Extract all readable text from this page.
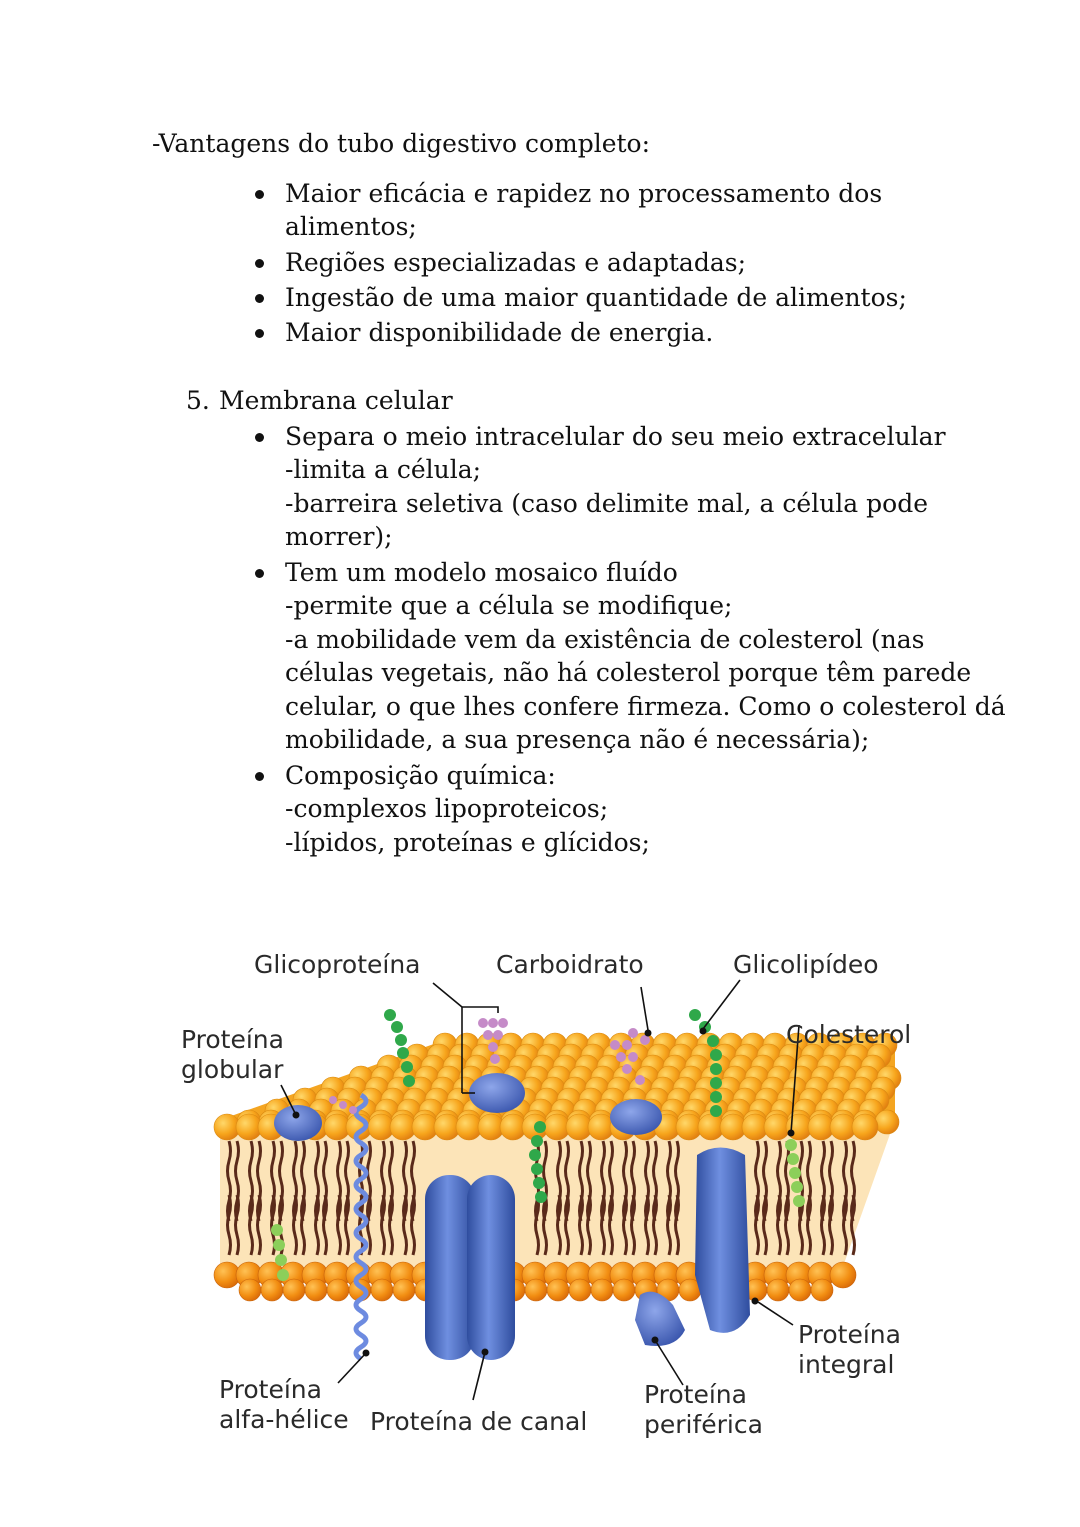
-Vantagens do tubo digestivo completo:
Maior eficácia e rapidez no processamento dos
alimentos;
Regiões especializadas e adaptadas;
Ingestão de uma maior quantidade de alimentos;
Maior disponibilidade de energia.
5. Membrana celular
Separa o meio intracelular do seu meio extracelular
-limita a célula;
-barreira seletiva (caso delimite mal, a célula pode
morrer);
Tem um modelo mosaico fluído
-permite que a célula se modifique;
-a mobilidade vem da existência de colesterol (nas
células vegetais, não há colesterol porque têm parede
celular, o que lhes confere firmeza. Como o colesterol dá
mobilidade, a sua presença não é necessária);
Composição química:
-complexos lipoproteicos;
-lípidos, proteínas e glícidos;
Glicoproteína	Carboidrato	Glicolipídeo
Proteína
globular
Colesterol
Proteína
integral
Proteína
alfa-hélice Proteína de canal
Proteína
periférica
